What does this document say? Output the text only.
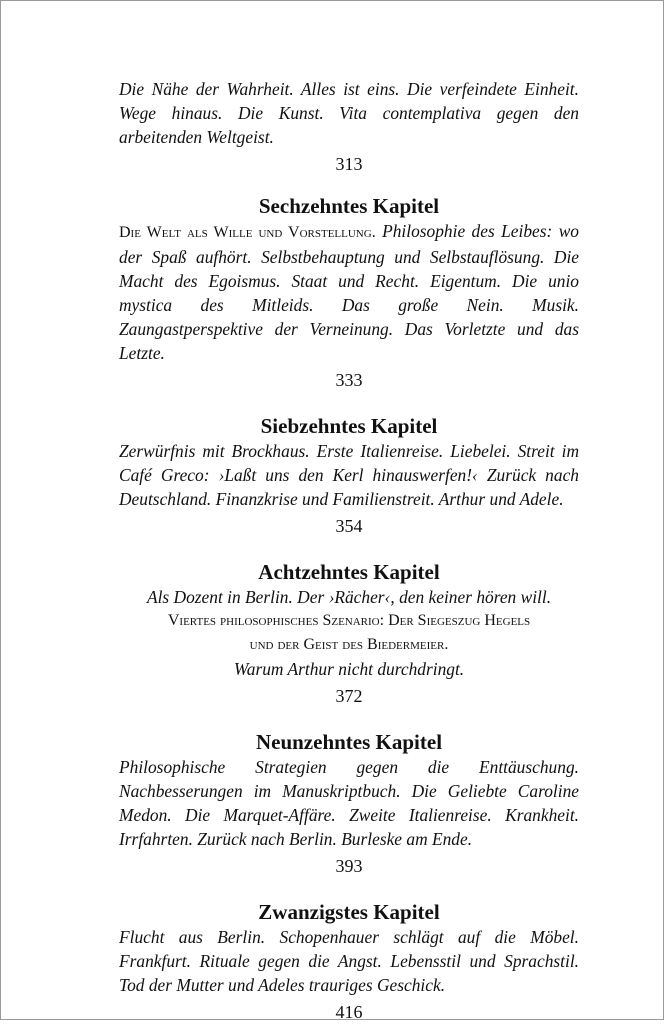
Die Nähe der Wahrheit. Alles ist eins. Die verfeindete Einheit. Wege hinaus. Die Kunst. Vita contemplativa gegen den arbeitenden Weltgeist.

313

Sechzehntes Kapitel

Die Welt als Wille und Vorstellung. Philosophie des Leibes: wo der Spaß aufhört. Selbstbehauptung und Selbstauflösung. Die Macht des Egoismus. Staat und Recht. Eigentum. Die unio mystica des Mitleids. Das große Nein. Musik. Zaungastperspektive der Verneinung. Das Vorletzte und das Letzte.

333

Siebzehntes Kapitel

Zerwürfnis mit Brockhaus. Erste Italienreise. Liebelei. Streit im Café Greco: ›Laßt uns den Kerl hinauswerfen!‹ Zurück nach Deutschland. Finanzkrise und Familienstreit. Arthur und Adele.

354

Achtzehntes Kapitel

Als Dozent in Berlin. Der ›Rächer‹, den keiner hören will.

Viertes philosophisches Szenario: Der Siegeszug Hegels

und der Geist des Biedermeier.

Warum Arthur nicht durchdringt.

372

Neunzehntes Kapitel

Philosophische Strategien gegen die Enttäuschung. Nachbesserungen im Manuskriptbuch. Die Geliebte Caroline Medon. Die Marquet-Affäre. Zweite Italienreise. Krankheit. Irrfahrten. Zurück nach Berlin. Burleske am Ende.

393

Zwanzigstes Kapitel

Flucht aus Berlin. Schopenhauer schlägt auf die Möbel. Frankfurt. Rituale gegen die Angst. Lebensstil und Sprachstil. Tod der Mutter und Adeles trauriges Geschick.

416
